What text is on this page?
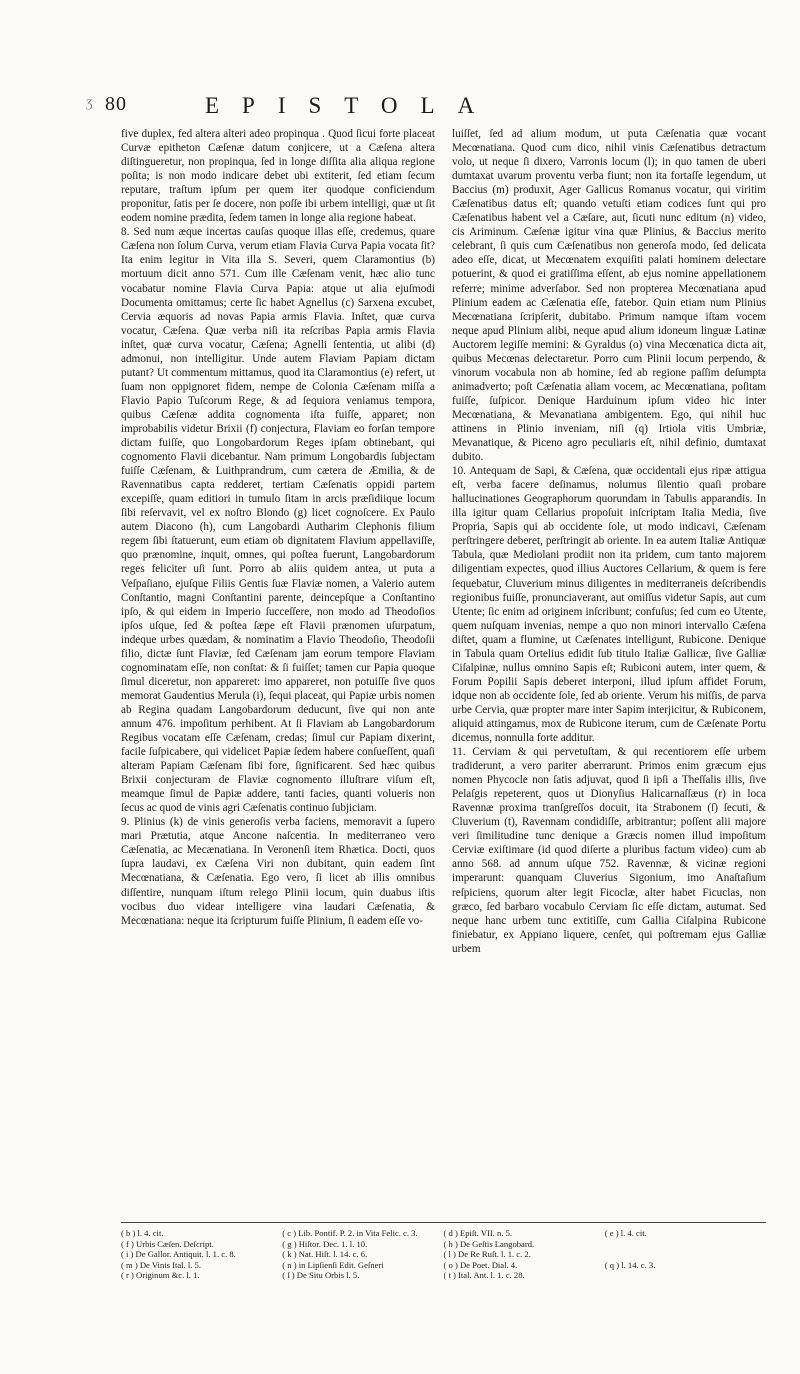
Ʒ 80	EPISTOLA

five duplex, fed altera alteri adeo propinqua . Quod ſicui forte placeat Curvæ epitheton Cæſenæ datum conjicere, ut a Cæſena altera diſtingueretur, non propinqua, ſed in longe diſſita alia aliqua regione poſita; is non modo indicare debet ubi extiterit, ſed etiam ſecum reputare, traſtum ipſum per quem iter quodque conficiendum proponitur, ſatis per ſe docere, non poſſe ibi urbem intelligi, quæ ut ſit eodem nomine prædita, ſedem tamen in longe alia regione habeat.

8. Sed num æque incertas cauſas quoque illas eſſe, credemus, quare Cæſena non ſolum Curva, verum etiam Flavia Curva Papia vocata ſit? Ita enim legitur in Vita illa S. Severi, quem Claramontius (b) mortuum dicit anno 571. Cum ille Cæſenam venit, hæc alio tunc vocabatur nomine Flavia Curva Papia: atque ut alia ejuſmodi Documenta omittamus; certe ſic habet Agnellus (c) Sarxena excubet, Cervia æquoris ad novas Papia armis Flavia. Inſtet, quæ curva vocatur, Cæſena. Quæ verba niſi ita reſcribas Papia armis Flavia inſtet, quæ curva vocatur, Cæſena; Agnelli ſententia, ut alibi (d) admonui, non intelligitur. Unde autem Flaviam Papiam dictam putant? Ut commentum mittamus, quod ita Claramontius (e) refert, ut ſuam non oppignoret fidem, nempe de Colonia Cæſenam miſſa a Flavio Papio Tuſcorum Rege, & ad ſequiora veniamus tempora, quibus Cæſenæ addita cognomenta iſta fuiſſe, apparet; non improbabilis videtur Brixii (f) conjectura, Flaviam eo forſan tempore dictam fuiſſe, quo Longobardorum Reges ipſam obtinebant, qui cognomento Flavii dicebantur. Nam primum Longobardis ſubjectam fuiſſe Cæſenam, & Luithprandrum, cum cætera de Æmilia, & de Ravennatibus capta redderet, tertiam Cæſenatis oppidi partem excepiſſe, quam editiori in tumulo ſitam in arcis præſidiique locum ſibi reſervavit, vel ex noſtro Blondo (g) licet cognoſcere. Ex Paulo autem Diacono (h), cum Langobardi Autharim Clephonis filium regem ſibi ſtatuerunt, eum etiam ob dignitatem Flavium appellaviſſe, quo prænomine, inquit, omnes, qui poſtea fuerunt, Langobardorum reges feliciter uſi ſunt. Porro ab aliis quidem antea, ut puta a Veſpaſiano, ejuſque Filiis Gentis ſuæ Flaviæ nomen, a Valerio autem Conſtantio, magni Conſtantini parente, deincepſque a Conſtantino ipſo, & qui eidem in Imperio ſucceſſere, non modo ad Theodoſios ipſos uſque, ſed & poſtea ſæpe eſt Flavii prænomen uſurpatum, indeque urbes quædam, & nominatim a Flavio Theodoſio, Theodoſii filio, dictæ ſunt Flaviæ, ſed Cæſenam jam eorum tempore Flaviam cognominatam eſſe, non conſtat: & ſi fuiſſet; tamen cur Papia quoque ſimul diceretur, non appareret: imo appareret, non potuiſſe ſive quos memorat Gaudentius Merula (i), ſequi placeat, qui Papiæ urbis nomen ab Regina quadam Langobardorum deducunt, ſive qui non ante annum 476. impoſitum perhibent. At ſi Flaviam ab Langobardorum Regibus vocatam eſſe Cæſenam, credas; ſimul cur Papiam dixerint, facile ſuſpicabere, qui videlicet Papiæ ſedem habere conſueſſent, quaſi alteram Papiam Cæſenam ſibi fore, ſignificarent. Sed hæc quibus Brixii conjecturam de Flaviæ cognomento illuſtrare viſum eſt, meamque ſimul de Papiæ addere, tanti facies, quanti volueris non ſecus ac quod de vinis agri Cæſenatis continuo ſubjiciam.

9. Plinius (k) de vinis generoſis verba faciens, memoravit a ſupero mari Prætutia, atque Ancone naſcentia. In mediterraneo vero Cæſenatia, ac Mecænatiana. In Veronenſi item Rhætica. Docti, quos ſupra laudavi, ex Cæſena Viri non dubitant, quin eadem ſint Mecœnatiana, & Cæſenatia. Ego vero, ſi licet ab illis omnibus diſſentire, nunquam iſtum relego Plinii locum, quin duabus iſtis vocibus duo videar intelligere vina laudari Cæſenatia, & Mecœnatiana: neque ita ſcripturum fuiſſe Plinium, ſi eadem eſſe vo-

luiſſet, ſed ad alium modum, ut puta Cæſenatia quæ vocant Mecœnatiana. Quod cum dico, nihil vinis Cæſenatibus detractum volo, ut neque ſi dixero, Varronis locum (l); in quo tamen de uberi dumtaxat uvarum proventu verba fiunt; non ita fortaſſe legendum, ut Baccius (m) produxit, Ager Gallicus Romanus vocatur, qui viritim Cæſenatibus datus eſt; quando vetuſti etiam codices ſunt qui pro Cæſenatibus habent vel a Cæſare, aut, ſicuti nunc editum (n) video, cis Ariminum. Cæſenæ igitur vina quæ Plinius, & Baccius merito celebrant, ſi quis cum Cæſenatibus non generoſa modo, ſed delicata adeo eſſe, dicat, ut Mecœnatem exquiſiti palati hominem delectare potuerint, & quod ei gratiſſima eſſent, ab ejus nomine appellationem referre; minime adverſabor. Sed non propterea Mecœnatiana apud Plinium eadem ac Cæſenatia eſſe, fatebor. Quin etiam num Plinius Mecœnatiana ſcripſerit, dubitabo. Primum namque iſtam vocem neque apud Plinium alibi, neque apud alium idoneum linguæ Latinæ Auctorem legiſſe memini: & Gyraldus (o) vina Mecœnatica dicta ait, quibus Mecœnas delectaretur. Porro cum Plinii locum perpendo, & vinorum vocabula non ab homine, ſed ab regione paſſim deſumpta animadverto; poſt Cæſenatia aliam vocem, ac Mecœnatiana, poſitam fuiſſe, ſuſpicor. Denique Harduinum ipſum video hic inter Mecœnatiana, & Mevanatiana ambigentem. Ego, qui nihil huc attinens in Plinio inveniam, niſi (q) Irtiola vitis Umbriæ, Mevanatique, & Piceno agro peculiaris eſt, nihil definio, dumtaxat dubito.

10. Antequam de Sapi, & Cæſena, quæ occidentali ejus ripæ attigua eſt, verba facere deſinamus, nolumus ſilentio quaſi probare hallucinationes Geographorum quorundam in Tabulis apparandis. In illa igitur quam Cellarius propoſuit inſcriptam Italia Media, ſive Propria, Sapis qui ab occidente ſole, ut modo indicavi, Cæſenam perſtringere deberet, perſtringit ab oriente. In ea autem Italiæ Antiquæ Tabula, quæ Mediolani prodiit non ita pridem, cum tanto majorem diligentiam expectes, quod illius Auctores Cellarium, & quem is fere ſequebatur, Cluverium minus diligentes in mediterraneis deſcribendis regionibus fuiſſe, pronunciaverant, aut omiſſus videtur Sapis, aut cum Utente; ſic enim ad originem inſcribunt; confuſus; ſed cum eo Utente, quem nuſquam invenias, nempe a quo non minori intervallo Cæſena diſtet, quam a flumine, ut Cæſenates intelligunt, Rubicone. Denique in Tabula quam Ortelius edidit ſub titulo Italiæ Gallicæ, ſive Galliæ Ciſalpinæ, nullus omnino Sapis eſt; Rubiconi autem, inter quem, & Forum Popilii Sapis deberet interponi, illud ipſum affidet Forum, idque non ab occidente ſole, ſed ab oriente. Verum his miſſis, de parva urbe Cervia, quæ propter mare inter Sapim interjicitur, & Rubiconem, aliquid attingamus, mox de Rubicone iterum, cum de Cæſenate Portu dicemus, nonnulla forte additur.

11. Cerviam & qui pervetuſtam, & qui recentiorem eſſe urbem tradiderunt, a vero pariter aberrarunt. Primos enim græcum ejus nomen Phycocle non ſatis adjuvat, quod ſi ipſi a Theſſalis illis, ſive Pelaſgis repeterent, quos ut Dionyſius Halicarnaſſæus (r) in loca Ravennæ proxima tranſgreſſos docuit, ita Strabonem (ſ) ſecuti, & Cluverium (t), Ravennam condidiſſe, arbitrantur; poſſent alii majore veri ſimilitudine tunc denique a Græcis nomen illud impoſitum Cerviæ exiſtimare (id quod diſerte a pluribus factum video) cum ab anno 568. ad annum uſque 752. Ravennæ, & vicinæ regioni imperarunt: quanquam Cluverius Sigonium, imo Anaſtaſium reſpiciens, quorum alter legit Ficoclæ, alter habet Ficuclas, non græco, ſed barbaro vocabulo Cerviam ſic eſſe dictam, autumat. Sed neque hanc urbem tunc extitiſſe, cum Gallia Ciſalpina Rubicone finiebatur, ex Appiano liquere, cenſet, qui poſtremam ejus Galliæ urbem

( b ) l. 4. cit.	( c ) Lib. Pontif. P. 2. in Vita Felic. c. 3.	( d ) Epiſt. VII. n. 5.	( e ) l. 4. cit.
( f ) Urbis Cæſen. Deſcript.	( g ) Hiſtor. Dec. 1. l. 10.	( h ) De Geſtis Langobard.
( i ) De Gallor. Antiquit. l. 1. c. 8.	( k ) Nat. Hiſt. l. 14. c. 6.	( l ) De Re Ruſt. l. 1. c. 2.
( m ) De Vinis Ital. l. 5.	( n ) in Lipſienſi Edit. Geſneri	( o ) De Poet. Dial. 4.	( q ) l. 14. c. 3.
( r ) Originum &c. l. 1.	( ſ ) De Situ Orbis l. 5.	( t ) Ital. Ant. l. 1. c. 28.
